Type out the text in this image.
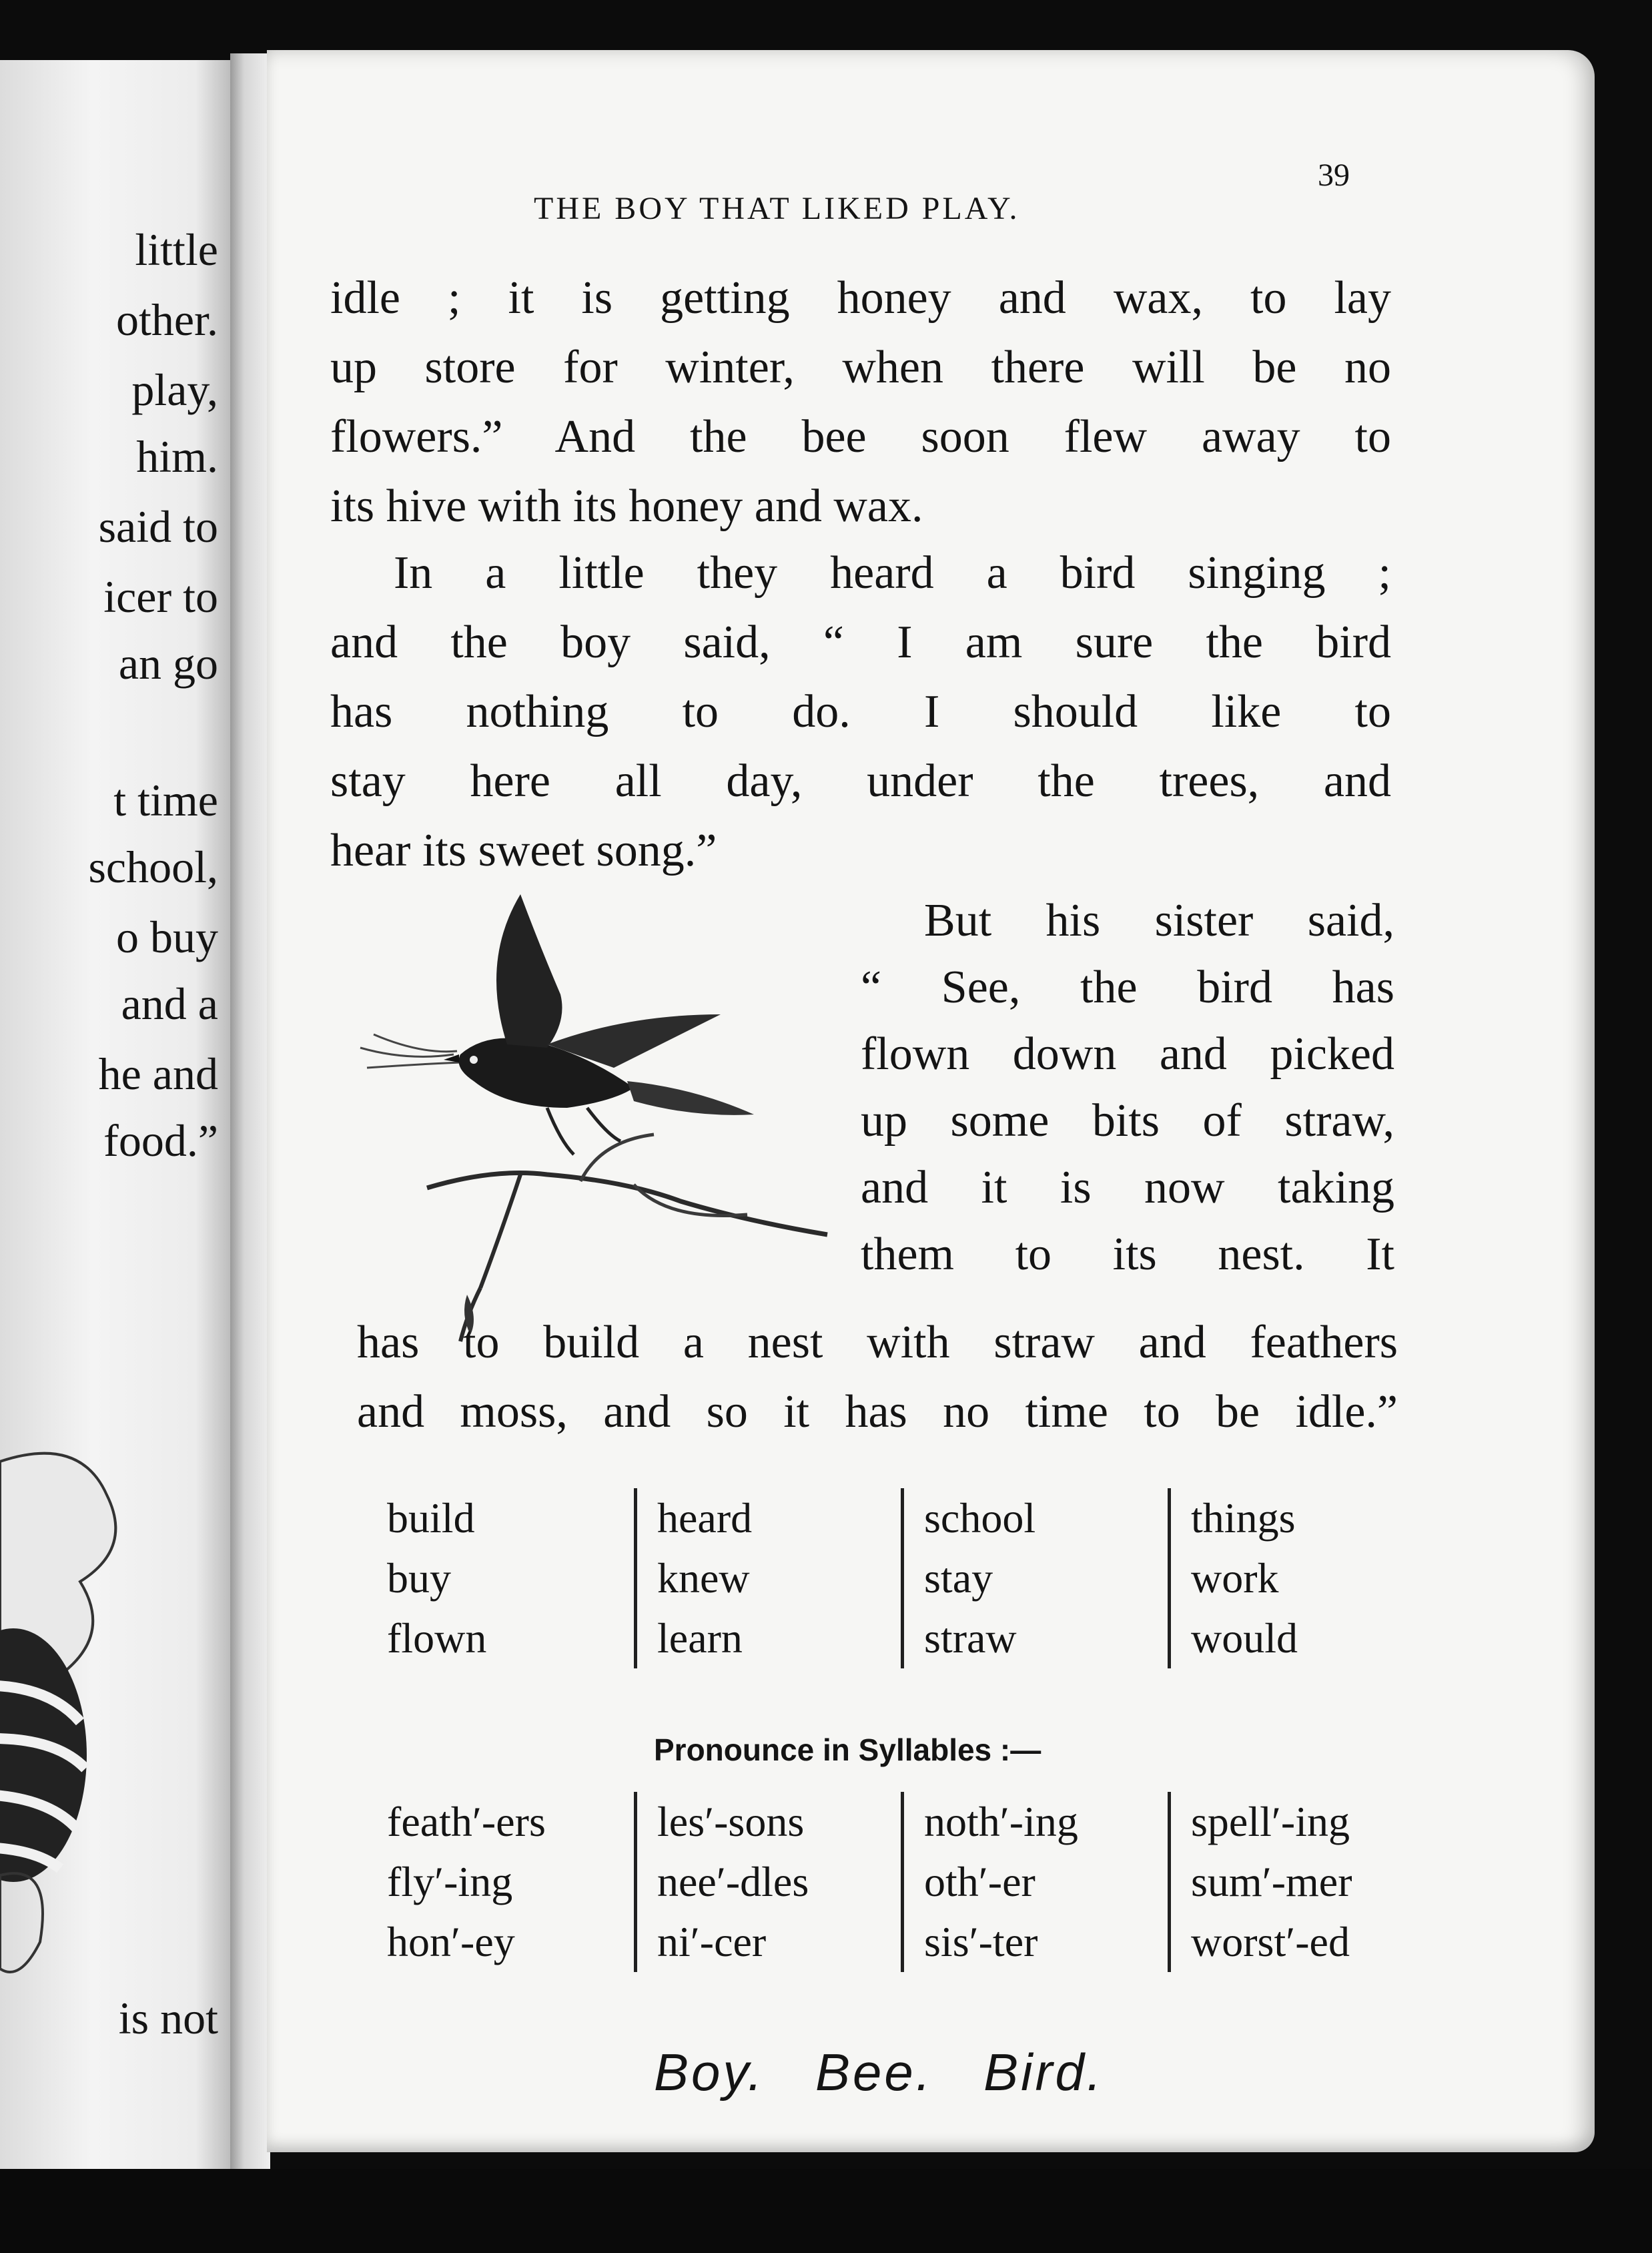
little
other.
play,
him.
said to
icer to
an go
t time
school,
o buy
and a
he and
food.”
is not
THE BOY THAT LIKED PLAY.
39
idle ; it is getting honey and wax, to lay
up store for winter, when there will be no
flowers.” And the bee soon flew away to
its hive with its honey and wax.
In a little they heard a bird singing ;
and the boy said, “ I am sure the bird
has nothing to do. I should like to
stay here all day, under the trees, and
hear its sweet song.”
But his sister said,
“ See, the bird has
flown down and picked
up some bits of straw,
and it is now taking
them to its nest. It
has to build a nest with straw and feathers
and moss, and so it has no time to be idle.”
build
buy
flown
heard
knew
learn
school
stay
straw
things
work
would
Pronounce in Syllables :—
feath′-ers
fly′-ing
hon′-ey
les′-sons
nee′-dles
ni′-cer
noth′-ing
oth′-er
sis′-ter
spell′-ing
sum′-mer
worst′-ed
Boy. Bee. Bird.
